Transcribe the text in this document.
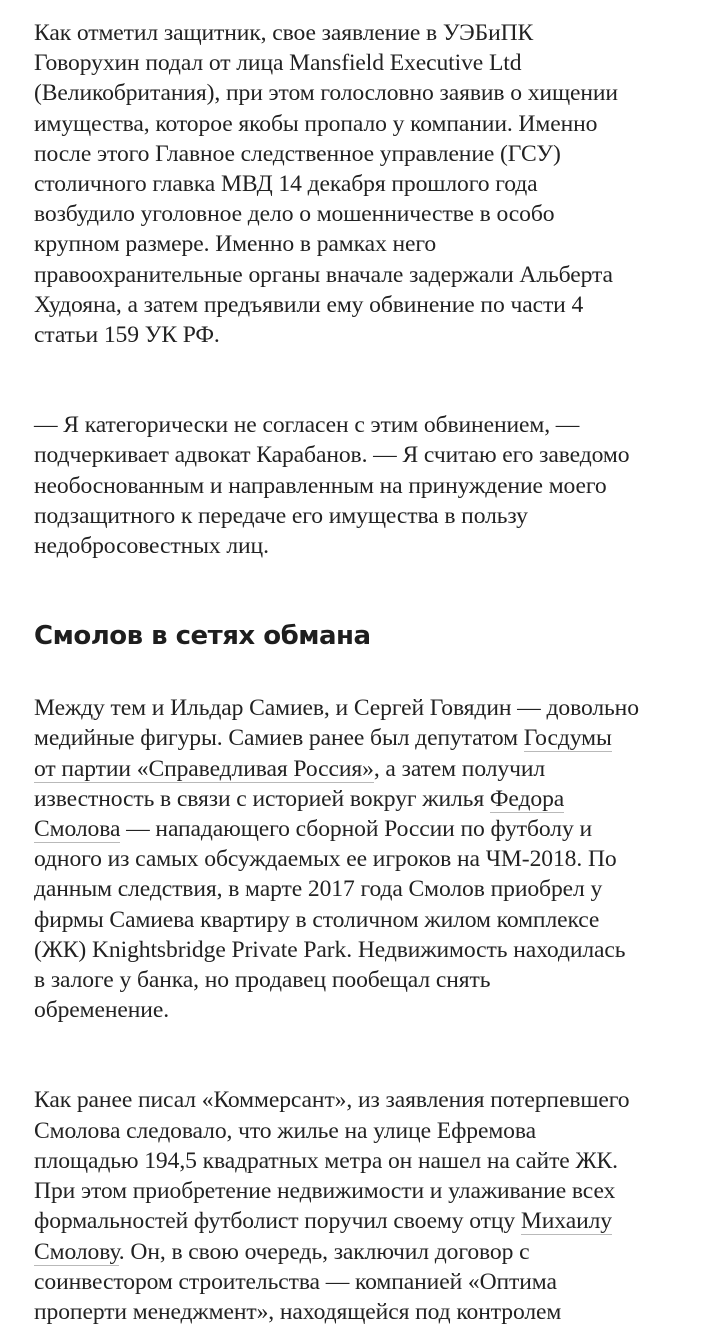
Как отметил защитник, свое заявление в УЭБиПК
Говорухин подал от лица Mansfield Executive Ltd
(Великобритания), при этом голословно заявив о хищении
имущества, которое якобы пропало у компании. Именно
после этого Главное следственное управление (ГСУ)
столичного главка МВД 14 декабря прошлого года
возбудило уголовное дело о мошенничестве в особо
крупном размере. Именно в рамках него
правоохранительные органы вначале задержали Альберта
Худояна, а затем предъявили ему обвинение по части 4
статьи 159 УК РФ.

— Я категорически не согласен с этим обвинением, —
подчеркивает адвокат Карабанов. — Я считаю его заведомо
необоснованным и направленным на принуждение моего
подзащитного к передаче его имущества в пользу
недобросовестных лиц.

Смолов в сетях обмана

Между тем и Ильдар Самиев, и Сергей Говядин — довольно
медийные фигуры. Самиев ранее был депутатом Госдумы
от партии «Справедливая Россия», а затем получил
известность в связи с историей вокруг жилья Федора
Смолова — нападающего сборной России по футболу и
одного из самых обсуждаемых ее игроков на ЧМ-2018. По
данным следствия, в марте 2017 года Смолов приобрел у
фирмы Самиева квартиру в столичном жилом комплексе
(ЖК) Knightsbridge Private Park. Недвижимость находилась
в залоге у банка, но продавец пообещал снять
обременение.

Как ранее писал «Коммерсант», из заявления потерпевшего
Смолова следовало, что жилье на улице Ефремова
площадью 194,5 квадратных метра он нашел на сайте ЖК.
При этом приобретение недвижимости и улаживание всех
формальностей футболист поручил своему отцу Михаилу
Смолову. Он, в свою очередь, заключил договор с
соинвестором строительства — компанией «Оптима
проперти менеджмент», находящейся под контролем
